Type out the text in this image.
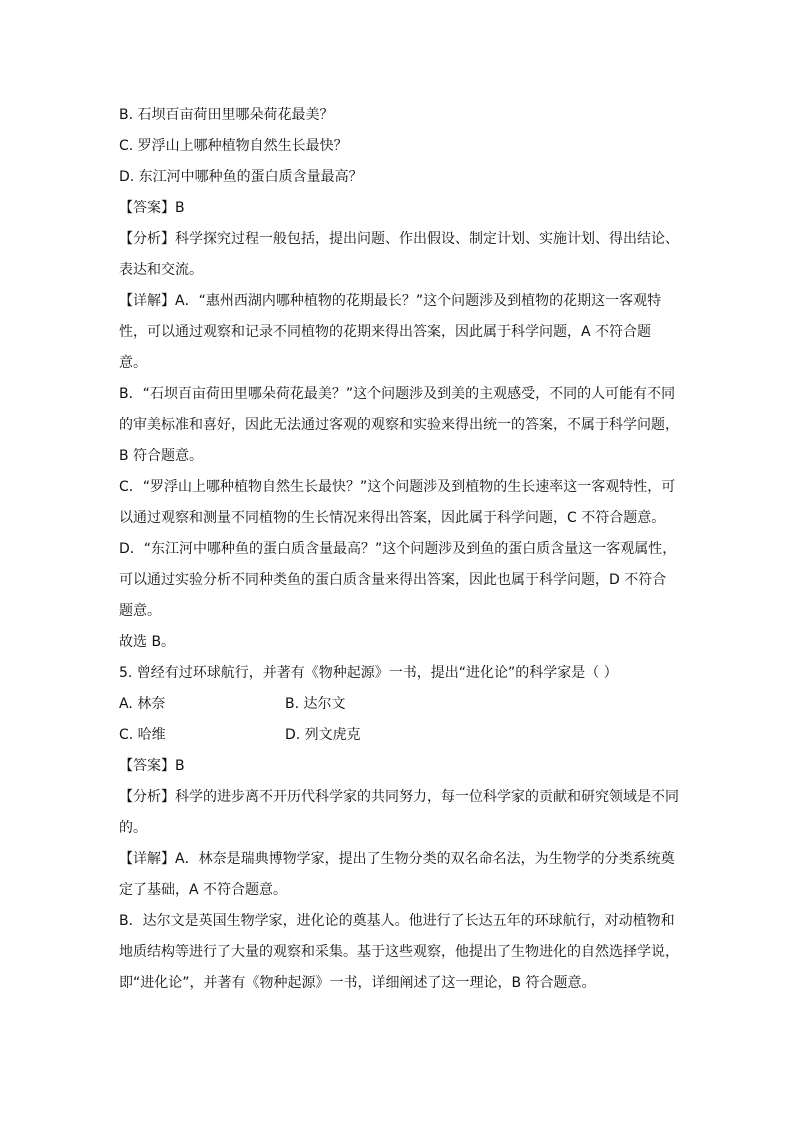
B. 石坝百亩荷田里哪朵荷花最美？

C. 罗浮山上哪种植物自然生长最快？

D. 东江河中哪种鱼的蛋白质含量最高？

【答案】B

【分析】科学探究过程一般包括，提出问题、作出假设、制定计划、实施计划、得出结论、表达和交流。

【详解】A．“惠州西湖内哪种植物的花期最长？”这个问题涉及到植物的花期这一客观特性，可以通过观察和记录不同植物的花期来得出答案，因此属于科学问题，A 不符合题意。

B．“石坝百亩荷田里哪朵荷花最美？”这个问题涉及到美的主观感受，不同的人可能有不同的审美标准和喜好，因此无法通过客观的观察和实验来得出统一的答案，不属于科学问题，B 符合题意。

C．“罗浮山上哪种植物自然生长最快？”这个问题涉及到植物的生长速率这一客观特性，可以通过观察和测量不同植物的生长情况来得出答案，因此属于科学问题，C 不符合题意。

D．“东江河中哪种鱼的蛋白质含量最高？”这个问题涉及到鱼的蛋白质含量这一客观属性，可以通过实验分析不同种类鱼的蛋白质含量来得出答案，因此也属于科学问题，D 不符合题意。

故选 B。

5. 曾经有过环球航行，并著有《物种起源》一书，提出“进化论”的科学家是（ ）

A. 林奈	B. 达尔文
C. 哈维	D. 列文虎克

【答案】B

【分析】科学的进步离不开历代科学家的共同努力，每一位科学家的贡献和研究领域是不同的。

【详解】A．林奈是瑞典博物学家，提出了生物分类的双名命名法，为生物学的分类系统奠定了基础，A 不符合题意。

B．达尔文是英国生物学家，进化论的奠基人。他进行了长达五年的环球航行，对动植物和地质结构等进行了大量的观察和采集。基于这些观察，他提出了生物进化的自然选择学说，即“进化论”，并著有《物种起源》一书，详细阐述了这一理论，B 符合题意。
